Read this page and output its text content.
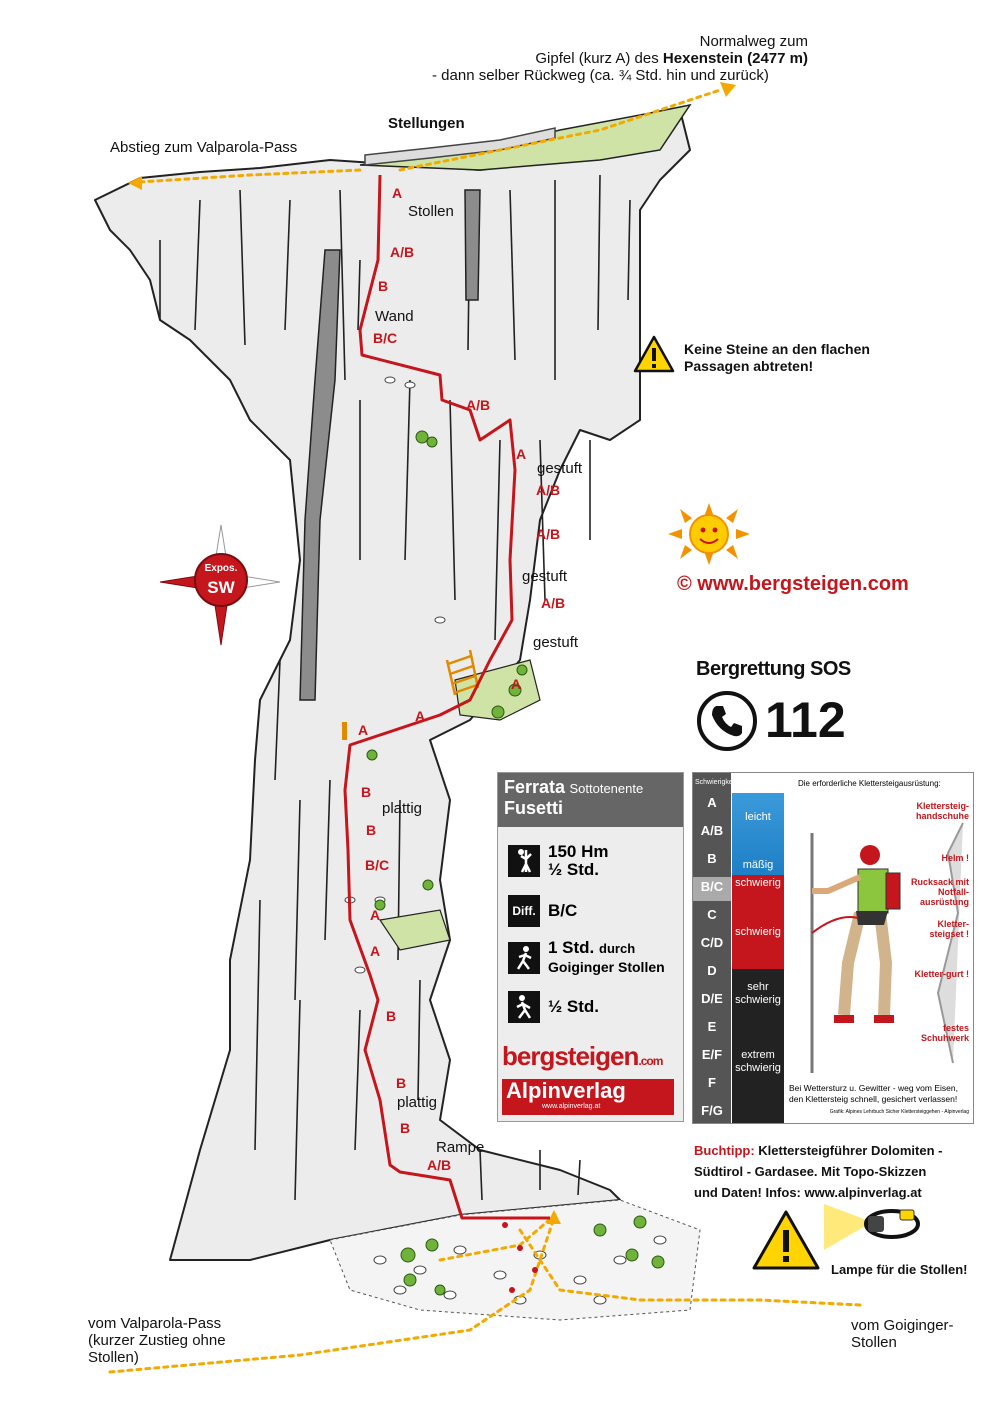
A
A/B
B
B/C
A/B
A
A/B
A/B
A/B
A
A
A
B
B
B/C
A
A
B
B
B
A/B
Normalweg zum
Gipfel (kurz A) des Hexenstein (2477 m)
- dann selber Rückweg (ca. ¾ Std. hin und zurück)
Stellungen
Abstieg zum Valparola-Pass
Stollen
Wand
gestuft
gestuft
gestuft
plattig
plattig
Rampe
vom Valparola-Pass
(kurzer Zustieg ohne
Stollen)
vom Goiginger-
Stollen
Expos.
SW
Keine Steine an den flachen
Passagen abtreten!
© www.bergsteigen.com
Bergrettung SOS
112
Ferrata Sottotenente
Fusetti
150 Hm
½ Std.
Diff. B/C
1 Std. durch
Goiginger Stollen
½ Std.
bergsteigen.com
Alpinverlag
www.alpinverlag.at
Schwierigkeitsbewertung	Die erforderliche Klettersteigausrüstung:
A
A/B
B
B/C
C
C/D
D
D/E
E
E/F
F
F/G
leicht
mäßig
schwierig
schwierig
sehr schwierig
extrem schwierig
Klettersteig-handschuhe
Helm !
Rucksack mit Notfall-ausrüstung
Kletter-steigset !
Kletter-gurt !
festes Schuhwerk
Bei Wettersturz u. Gewitter - weg vom Eisen, den Klettersteig schnell, gesichert verlassen!
Grafik: Alpines Lehrbuch Sicher Klettersteiggehen - Alpinverlag
Buchtipp: Klettersteigführer Dolomiten -
Südtirol - Gardasee. Mit Topo-Skizzen
und Daten! Infos: www.alpinverlag.at
Lampe für die Stollen!
